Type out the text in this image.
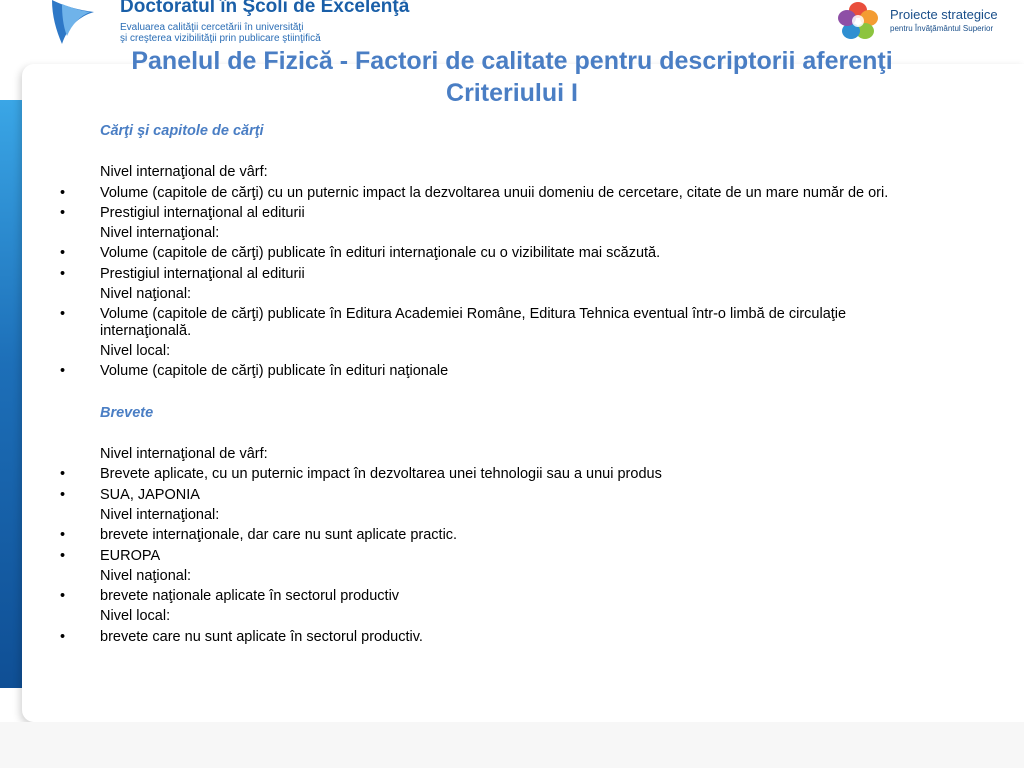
Doctoratul în Şcoli de Excelenţă
Evaluarea calităţii cercetării în universităţi
şi creşterea vizibilităţii prin publicare ştiinţifică
Proiecte strategice
pentru Învăţământul Superior
Panelul de Fizică - Factori de calitate pentru descriptorii aferenţi
Criteriului I
Cărţi şi capitole de cărţi
Nivel internaţional de vârf:
• Volume (capitole de cărţi) cu un puternic impact la dezvoltarea unuii domeniu de cercetare, citate de un mare număr de ori.
• Prestigiul internaţional al editurii
Nivel internaţional:
• Volume (capitole de cărţi) publicate în edituri internaţionale cu o vizibilitate mai scăzută.
• Prestigiul internaţional al editurii
Nivel naţional:
• Volume (capitole de cărţi) publicate în Editura Academiei Române, Editura Tehnica eventual într-o limbă de circulaţie internaţională.
Nivel local:
• Volume (capitole de cărţi) publicate în edituri naţionale
Brevete
Nivel internaţional de vârf:
• Brevete aplicate, cu un puternic impact în dezvoltarea unei tehnologii sau a unui produs
• SUA, JAPONIA
Nivel internaţional:
• brevete internaţionale, dar care nu sunt aplicate practic.
• EUROPA
Nivel naţional:
• brevete naţionale aplicate în sectorul productiv
Nivel local:
• brevete care nu sunt aplicate în sectorul productiv.
